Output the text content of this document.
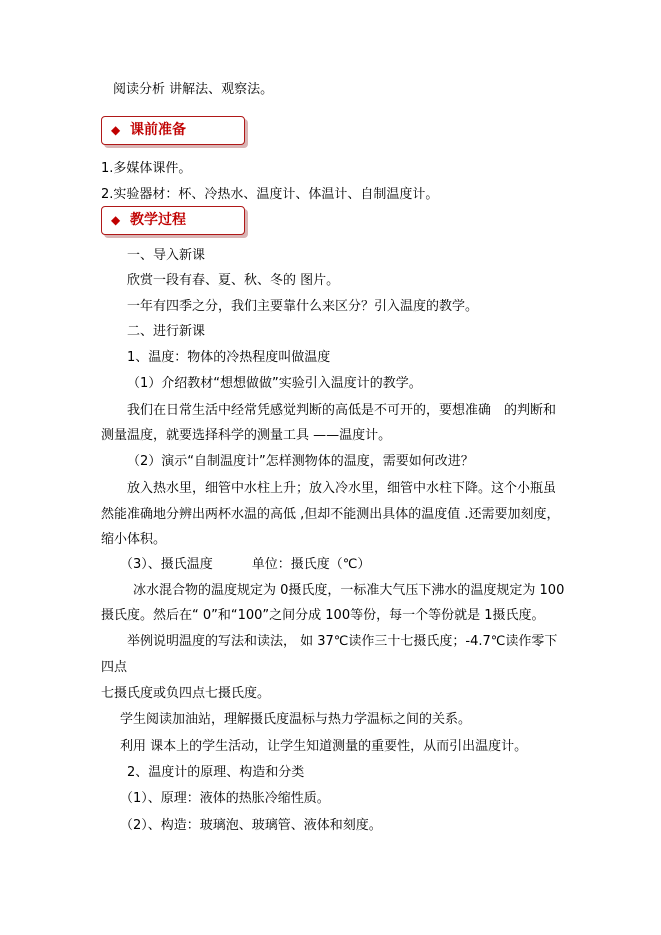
阅读分析 讲解法、观察法。
◆ 课前准备
1.多媒体课件。
2.实验器材：杯、冷热水、温度计、体温计、自制温度计。
◆ 教学过程
一、导入新课
欣赏一段有春、夏、秋、冬的 图片。
一年有四季之分，我们主要靠什么来区分？引入温度的教学。
二、进行新课
1、温度：物体的冷热程度叫做温度
（1）介绍教材“想想做做”实验引入温度计的教学。
我们在日常生活中经常凭感觉判断的高低是不可开的，要想准确　的判断和
测量温度，就要选择科学的测量工具 ——温度计。
（2）演示“自制温度计”怎样测物体的温度，需要如何改进？
放入热水里，细管中水柱上升；放入冷水里，细管中水柱下降。这个小瓶虽
然能准确地分辨出两杯水温的高低 ,但却不能测出具体的温度值 .还需要加刻度，
缩小体积。
（3）、摄氏温度　　　单位：摄氏度（℃）
冰水混合物的温度规定为 0摄氏度，一标准大气压下沸水的温度规定为 100
摄氏度。然后在“ 0”和“100”之间分成 100等份，每一个等份就是 1摄氏度。
举例说明温度的写法和读法， 如 37℃读作三十七摄氏度；-4.7℃读作零下
四点
七摄氏度或负四点七摄氏度。
学生阅读加油站，理解摄氏度温标与热力学温标之间的关系。
利用 课本上的学生活动，让学生知道测量的重要性，从而引出温度计。
2、温度计的原理、构造和分类
（1）、原理：液体的热胀冷缩性质。
（2）、构造：玻璃泡、玻璃管、液体和刻度。
